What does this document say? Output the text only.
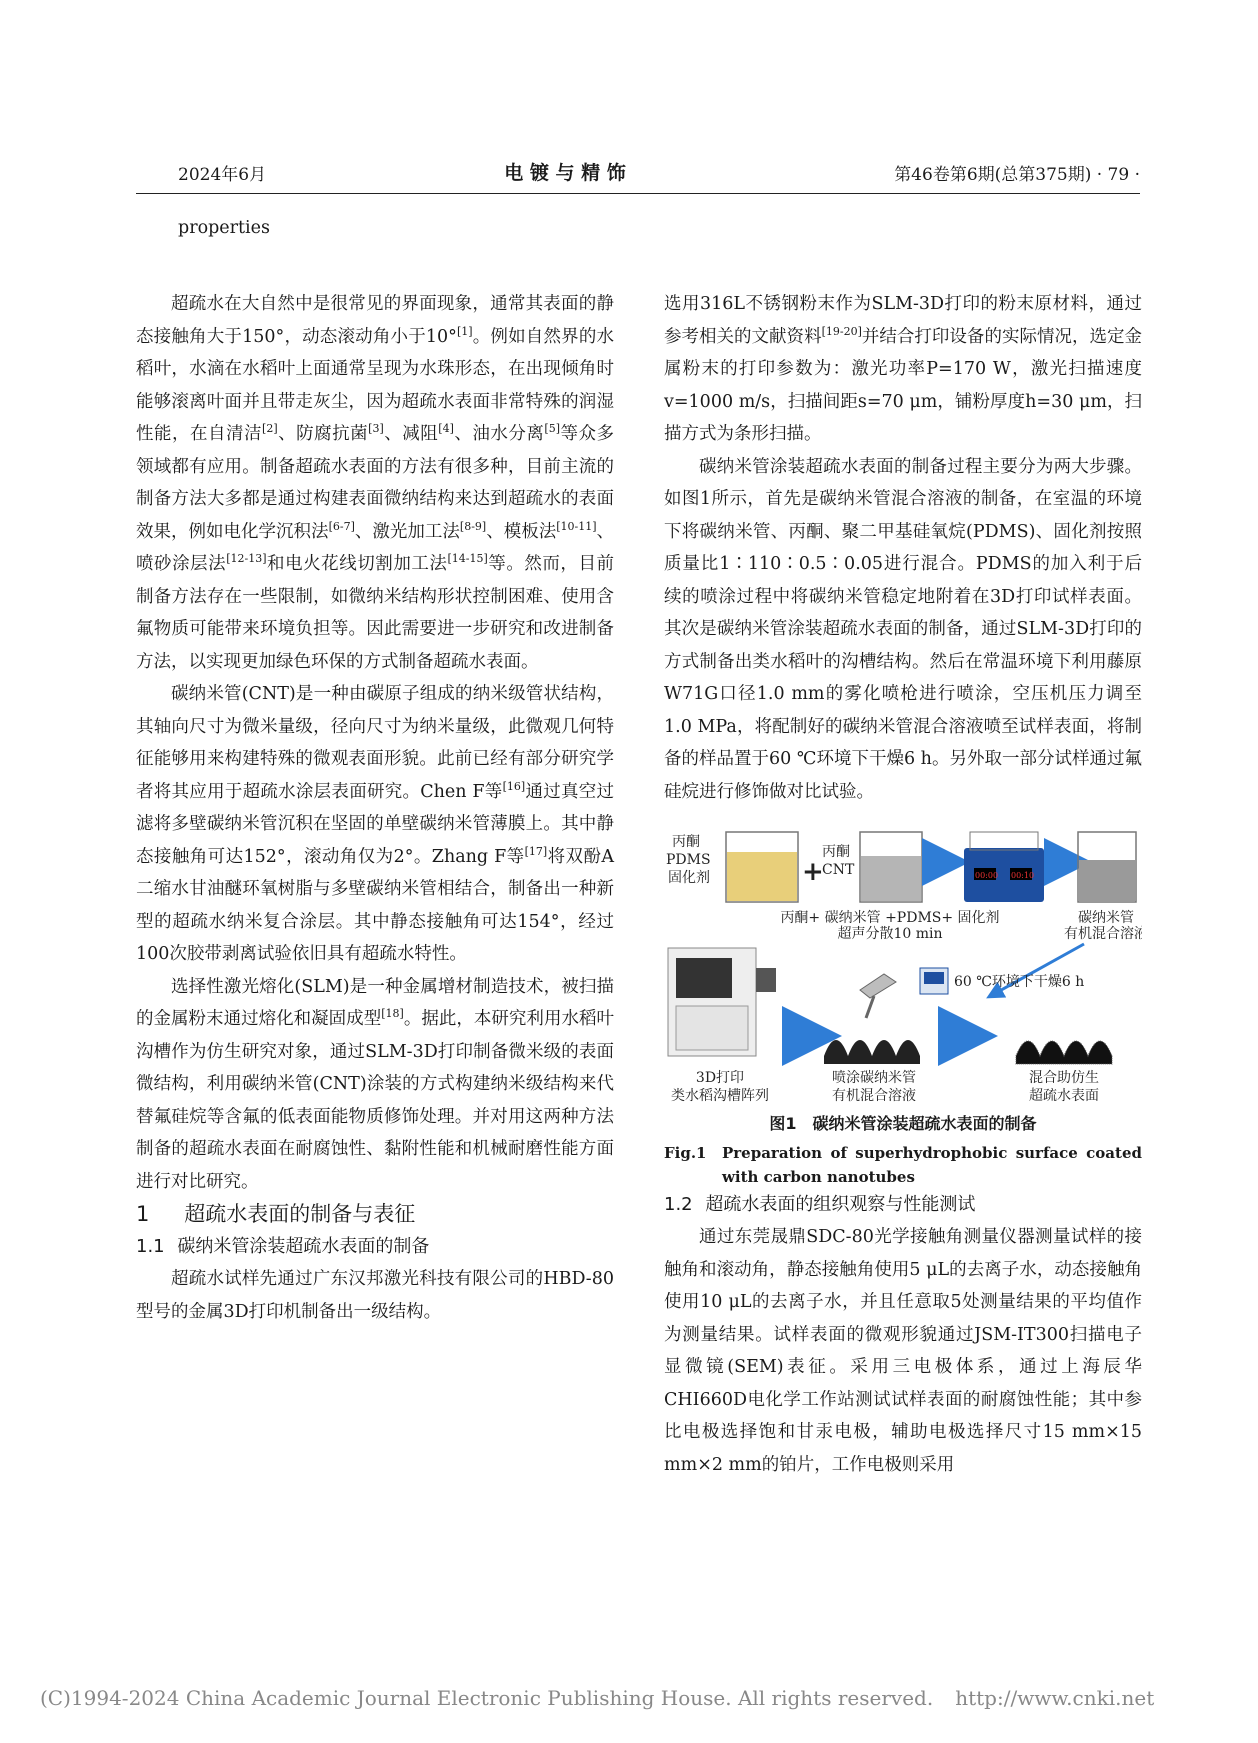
2024年6月	电 镀 与 精 饰	第46卷第6期(总第375期) · 79 ·
properties

超疏水在大自然中是很常见的界面现象，通常其表面的静态接触角大于150°，动态滚动角小于10°[1]。例如自然界的水稻叶，水滴在水稻叶上面通常呈现为水珠形态，在出现倾角时能够滚离叶面并且带走灰尘，因为超疏水表面非常特殊的润湿性能，在自清洁[2]、防腐抗菌[3]、减阻[4]、油水分离[5]等众多领域都有应用。制备超疏水表面的方法有很多种，目前主流的制备方法大多都是通过构建表面微纳结构来达到超疏水的表面效果，例如电化学沉积法[6-7]、激光加工法[8-9]、模板法[10-11]、喷砂涂层法[12-13]和电火花线切割加工法[14-15]等。然而，目前制备方法存在一些限制，如微纳米结构形状控制困难、使用含氟物质可能带来环境负担等。因此需要进一步研究和改进制备方法，以实现更加绿色环保的方式制备超疏水表面。

碳纳米管(CNT)是一种由碳原子组成的纳米级管状结构，其轴向尺寸为微米量级，径向尺寸为纳米量级，此微观几何特征能够用来构建特殊的微观表面形貌。此前已经有部分研究学者将其应用于超疏水涂层表面研究。Chen F等[16]通过真空过滤将多壁碳纳米管沉积在坚固的单壁碳纳米管薄膜上。其中静态接触角可达152°，滚动角仅为2°。Zhang F等[17]将双酚A二缩水甘油醚环氧树脂与多壁碳纳米管相结合，制备出一种新型的超疏水纳米复合涂层。其中静态接触角可达154°，经过100次胶带剥离试验依旧具有超疏水特性。

选择性激光熔化(SLM)是一种金属增材制造技术，被扫描的金属粉末通过熔化和凝固成型[18]。据此，本研究利用水稻叶沟槽作为仿生研究对象，通过SLM-3D打印制备微米级的表面微结构，利用碳纳米管(CNT)涂装的方式构建纳米级结构来代替氟硅烷等含氟的低表面能物质修饰处理。并对用这两种方法制备的超疏水表面在耐腐蚀性、黏附性能和机械耐磨性能方面进行对比研究。

1 超疏水表面的制备与表征

1.1 碳纳米管涂装超疏水表面的制备

超疏水试样先通过广东汉邦激光科技有限公司的HBD-80型号的金属3D打印机制备出一级结构。

选用316L不锈钢粉末作为SLM-3D打印的粉末原材料，通过参考相关的文献资料[19-20]并结合打印设备的实际情况，选定金属粉末的打印参数为：激光功率P=170 W，激光扫描速度v=1000 m/s，扫描间距s=70 μm，铺粉厚度h=30 μm，扫描方式为条形扫描。

碳纳米管涂装超疏水表面的制备过程主要分为两大步骤。如图1所示，首先是碳纳米管混合溶液的制备，在室温的环境下将碳纳米管、丙酮、聚二甲基硅氧烷(PDMS)、固化剂按照质量比1∶110∶0.5∶0.05进行混合。PDMS的加入利于后续的喷涂过程中将碳纳米管稳定地附着在3D打印试样表面。其次是碳纳米管涂装超疏水表面的制备，通过SLM-3D打印的方式制备出类水稻叶的沟槽结构。然后在常温环境下利用藤原W71G口径1.0 mm的雾化喷枪进行喷涂，空压机压力调至1.0 MPa，将配制好的碳纳米管混合溶液喷至试样表面，将制备的样品置于60 ℃环境下干燥6 h。另外取一部分试样通过氟硅烷进行修饰做对比试验。

丙酮
PDMS
固化剂	+
丙酮
CNT	00:00 00:10
丙酮+ 碳纳米管 +PDMS+ 固化剂
超声分散10 min
碳纳米管
有机混合溶液
60 ℃环境下干燥6 h
3D打印
类水稻沟槽阵列
喷涂碳纳米管
有机混合溶液
混合助仿生
超疏水表面

图1　碳纳米管涂装超疏水表面的制备

Fig.1 Preparation of superhydrophobic surface coated with carbon nanotubes

1.2 超疏水表面的组织观察与性能测试

通过东莞晟鼎SDC-80光学接触角测量仪器测量试样的接触角和滚动角，静态接触角使用5 μL的去离子水，动态接触角使用10 μL的去离子水，并且任意取5处测量结果的平均值作为测量结果。试样表面的微观形貌通过JSM-IT300扫描电子显微镜(SEM)表征。采用三电极体系，通过上海辰华CHI660D电化学工作站测试试样表面的耐腐蚀性能；其中参比电极选择饱和甘汞电极，辅助电极选择尺寸15 mm×15 mm×2 mm的铂片，工作电极则采用

(C)1994-2024 China Academic Journal Electronic Publishing House. All rights reserved. http://www.cnki.net
